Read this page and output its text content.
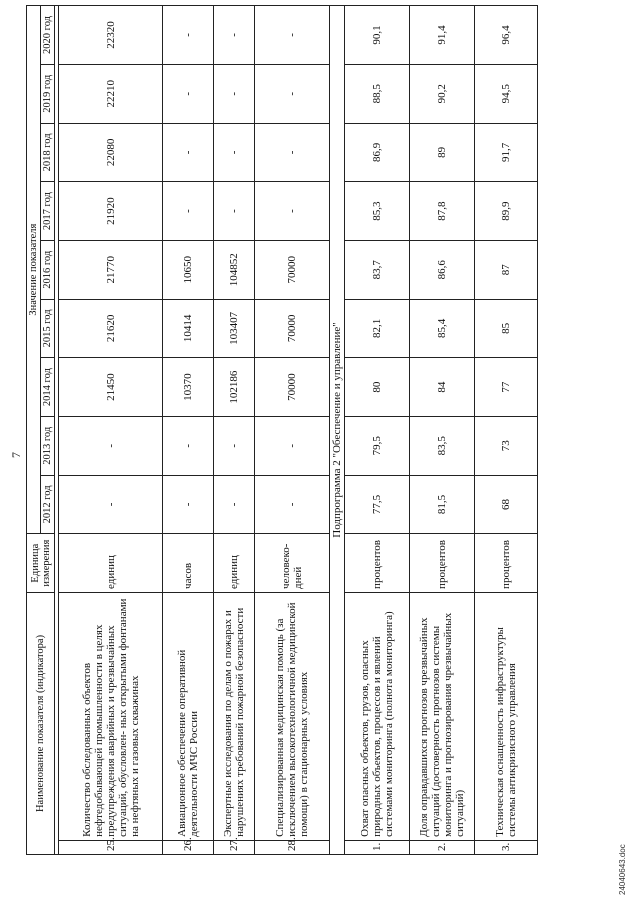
7
Наименование показателя (индикатора)		Единица измерения	Значение показателя								
			2012 год	2013 год	2014 год	2015 год	2016 год	2017 год	2018 год	2019 год	2020 год

25.	Количество обследованных объектов нефтедобывающей промышленности в целях предупреждения аварийных и чрезвычайных ситуаций, обусловлен- ных открытыми фонтанами на нефтяных и газовых скважинах	единиц	-	-	21450	21620	21770	21920	22080	22210	22320
26.	Авиационное обеспечение оперативной деятельности МЧС России	часов	-	-	10370	10414	10650	-	-	-	-
27.	Экспертные исследования по делам о пожарах и нарушениях требований пожарной безопасности	единиц	-	-	102186	103407	104852	-	-	-	-
28.	Специализированная медицинская помощь (за исключением высокотехнологичной медицинской помощи) в стационарных условиях	человеко- дней	-	-	70000	70000	70000	-	-	-	-
Подпрограмма 2 "Обеспечение и управление"											
1.	Охват опасных объектов, грузов, опасных природных объектов, процессов и явлений системами мониторинга (полнота мониторинга)	процентов	77,5	79,5	80	82,1	83,7	85,3	86,9	88,5	90,1
2.	Доля оправдавшихся прогнозов чрезвычайных ситуаций (достоверность прогнозов системы мониторинга и прогнозирования чрезвычайных ситуаций)	процентов	81,5	83,5	84	85,4	86,6	87,8	89	90,2	91,4
3.	Техническая оснащенность инфраструктуры системы антикризисного управления	процентов	68	73	77	85	87	89,9	91,7	94,5	96,4
24040643.doc
